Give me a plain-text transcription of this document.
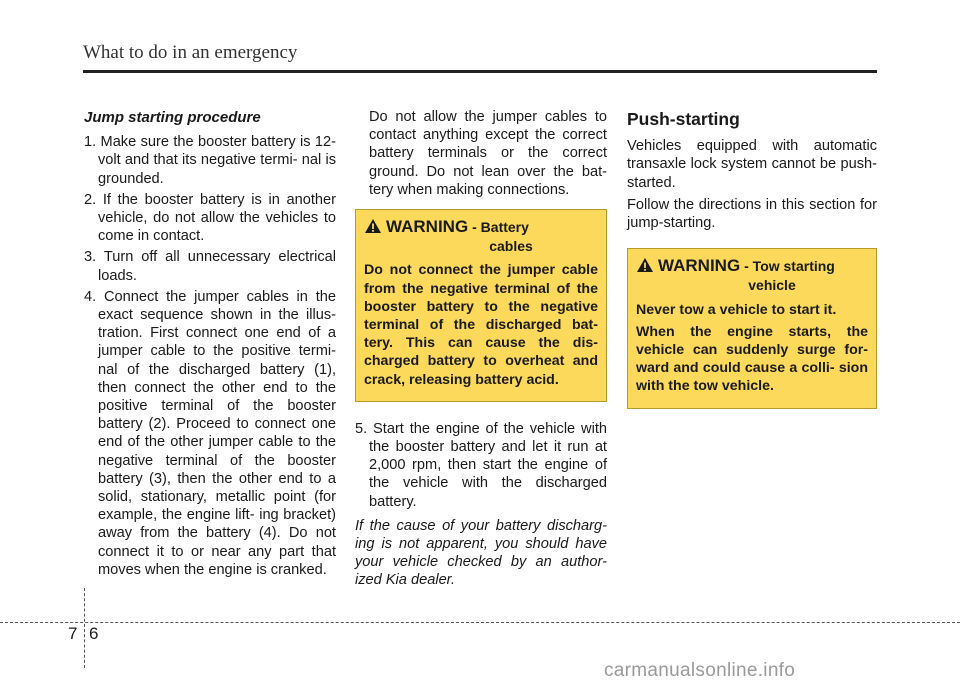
What to do in an emergency
Jump starting procedure
1. Make sure the booster battery is 12-volt and that its negative termi- nal is grounded.
2. If the booster battery is in another vehicle, do not allow the vehicles to come in contact.
3. Turn off all unnecessary electrical loads.
4. Connect the jumper cables in the exact sequence shown in the illus- tration. First connect one end of a jumper cable to the positive termi- nal of the discharged battery (1), then connect the other end to the positive terminal of the booster battery (2). Proceed to connect one end of the other jumper cable to the negative terminal of the booster battery (3), then the other end to a solid, stationary, metallic point (for example, the engine lift- ing bracket) away from the battery (4). Do not connect it to or near any part that moves when the engine is cranked.

Do not allow the jumper cables to contact anything except the correct battery terminals or the correct ground. Do not lean over the bat- tery when making connections.

WARNING - Battery
cables

Do not connect the jumper cable from the negative terminal of the booster battery to the negative terminal of the discharged bat- tery. This can cause the dis- charged battery to overheat and crack, releasing battery acid.

5. Start the engine of the vehicle with the booster battery and let it run at 2,000 rpm, then start the engine of the vehicle with the discharged battery.

If the cause of your battery discharg- ing is not apparent, you should have your vehicle checked by an author- ized Kia dealer.

Push-starting

Vehicles equipped with automatic transaxle lock system cannot be push-started.

Follow the directions in this section for jump-starting.

WARNING - Tow starting
vehicle

Never tow a vehicle to start it.

When the engine starts, the vehicle can suddenly surge for- ward and could cause a colli- sion with the tow vehicle.

7 6
carmanualsonline.info
